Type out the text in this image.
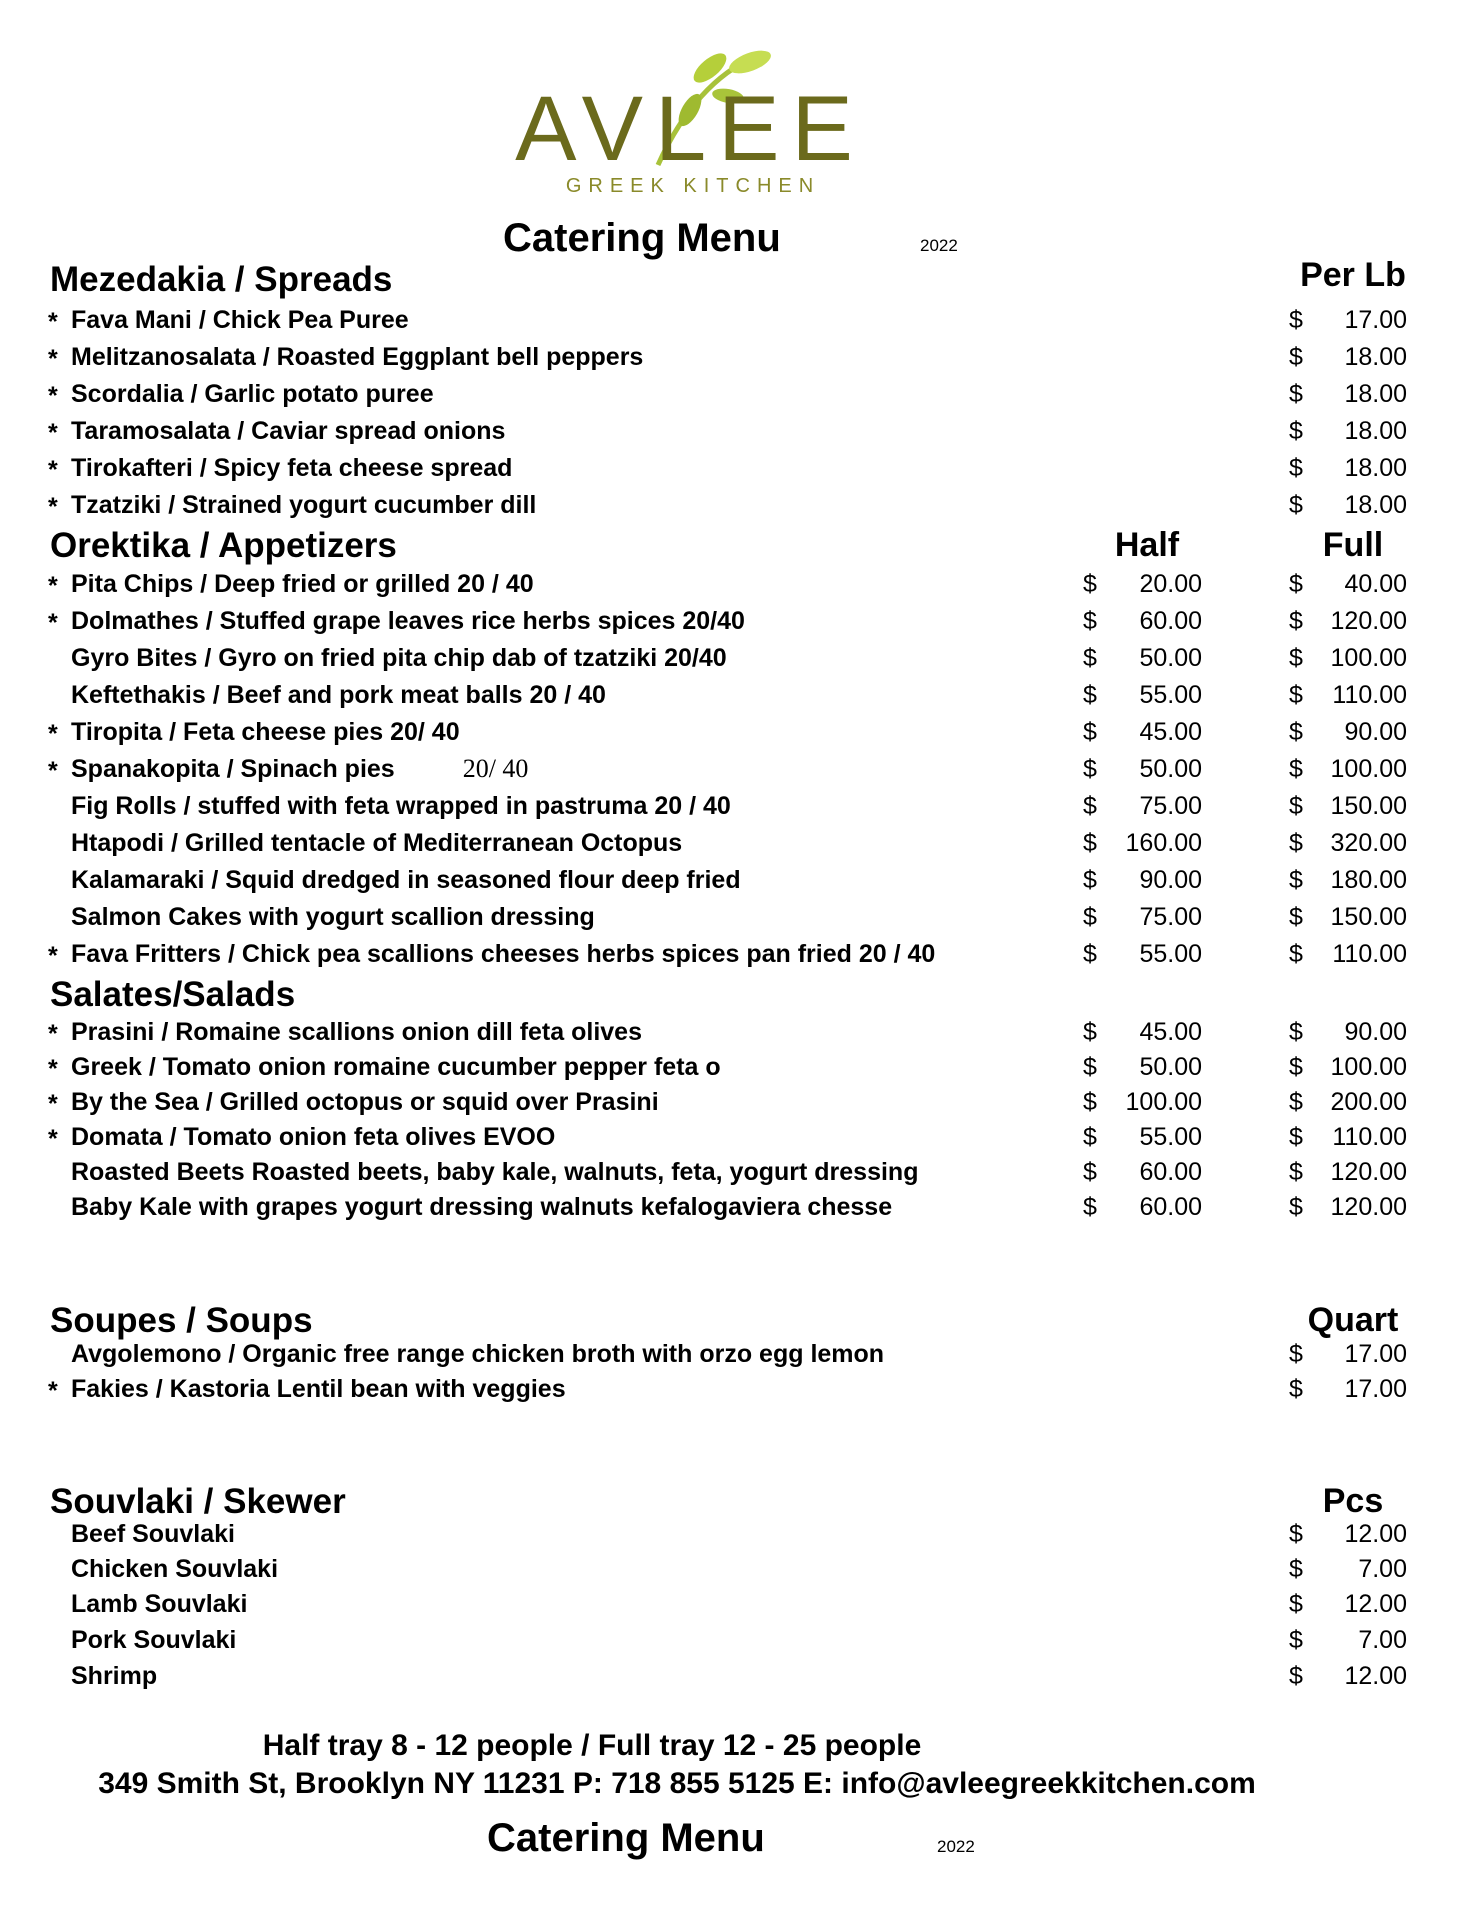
AVLEE
GREEK KITCHEN
Catering Menu	2022
Mezedakia / Spreads	Per Lb
* Fava Mani / Chick Pea Puree	$	17.00
* Melitzanosalata / Roasted Eggplant bell peppers	$	18.00
* Scordalia / Garlic potato puree	$	18.00
* Taramosalata / Caviar spread onions	$	18.00
* Tirokafteri / Spicy feta cheese spread	$	18.00
* Tzatziki / Strained yogurt cucumber dill	$	18.00
Orektika / Appetizers	Half	Full
* Pita Chips / Deep fried or grilled 20 / 40	$	20.00	$	40.00
* Dolmathes / Stuffed grape leaves rice herbs spices 20/40	$	60.00	$	120.00
Gyro Bites / Gyro on fried pita chip dab of tzatziki 20/40	$	50.00	$	100.00
Keftethakis / Beef and pork meat balls 20 / 40	$	55.00	$	110.00
* Tiropita / Feta cheese pies 20/ 40	$	45.00	$	90.00
* Spanakopita / Spinach pies	20/ 40	$	50.00	$	100.00
Fig Rolls / stuffed with feta wrapped in pastruma 20 / 40	$	75.00	$	150.00
Htapodi / Grilled tentacle of Mediterranean Octopus	$	160.00	$	320.00
Kalamaraki / Squid dredged in seasoned flour deep fried	$	90.00	$	180.00
Salmon Cakes with yogurt scallion dressing	$	75.00	$	150.00
* Fava Fritters / Chick pea scallions cheeses herbs spices pan fried 20 / 40	$	55.00	$	110.00
Salates/Salads
* Prasini / Romaine scallions onion dill feta olives	$	45.00	$	90.00
* Greek / Tomato onion romaine cucumber pepper feta o	$	50.00	$	100.00
* By the Sea / Grilled octopus or squid over Prasini	$	100.00	$	200.00
* Domata / Tomato onion feta olives EVOO	$	55.00	$	110.00
Roasted Beets Roasted beets, baby kale, walnuts, feta, yogurt dressing	$	60.00	$	120.00
Baby Kale with grapes yogurt dressing walnuts kefalogaviera chesse	$	60.00	$	120.00
Soupes / Soups	Quart
Avgolemono / Organic free range chicken broth with orzo egg lemon	$	17.00
* Fakies / Kastoria Lentil bean with veggies	$	17.00
Souvlaki / Skewer	Pcs
Beef Souvlaki	$	12.00
Chicken Souvlaki	$	7.00
Lamb Souvlaki	$	12.00
Pork Souvlaki	$	7.00
Shrimp	$	12.00
Half tray 8 - 12 people / Full tray 12 - 25 people
349 Smith St, Brooklyn NY 11231 P: 718 855 5125 E: info@avleegreekkitchen.com
Catering Menu	2022
